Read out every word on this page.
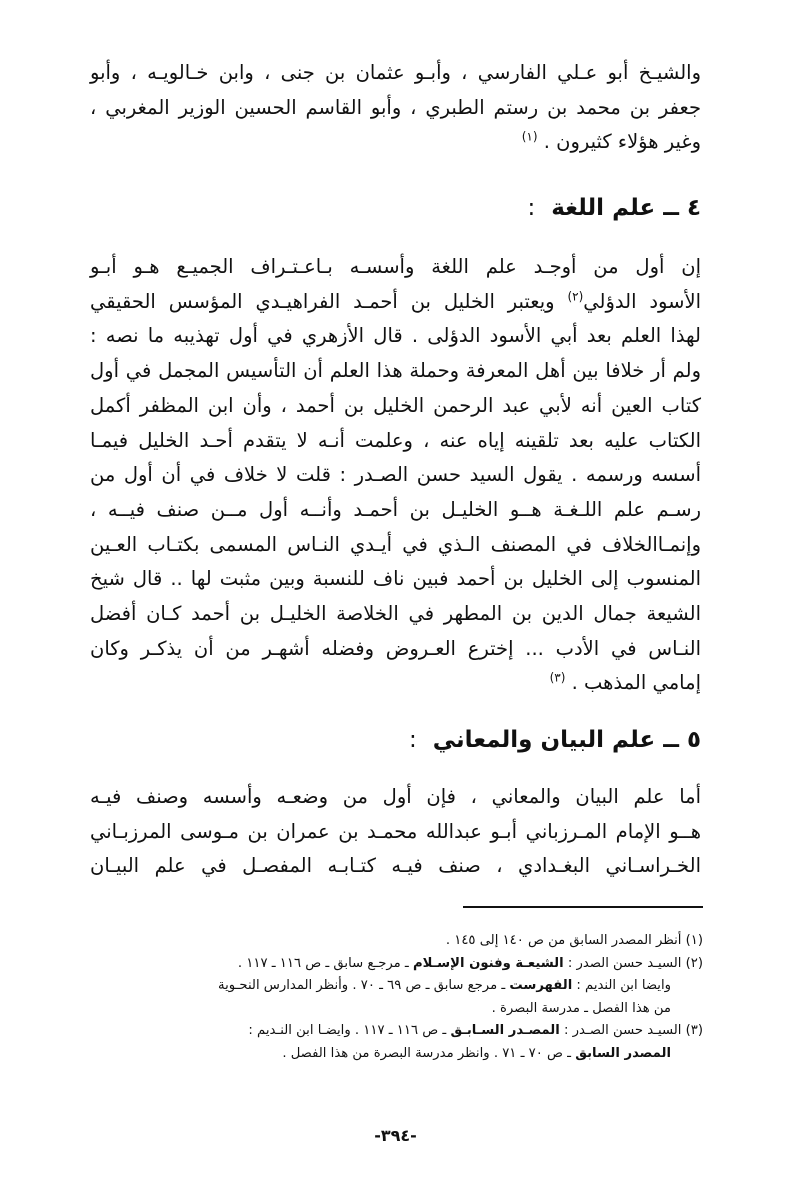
والشيـخ أبو عـلي الفارسي ، وأبـو عثمان بن جنى ، وابن خـالويـه ، وأبو
جعفر بن محمد بن رستم الطبري ، وأبو القاسم الحسين الوزير المغربي ،
وغير هؤلاء كثيرون . $^{(١)}$
٤ ــ علم اللغة :
إن أول من أوجـد علم اللغة وأسسـه بـاعـتـراف الجميـع هـو أبـو
الأسود الدؤلي$^{(٢)}$ ويعتبر الخليل بن أحمـد الفراهيـدي المؤسس الحقيقي
لهذا العلم بعد أبي الأسود الدؤلى . قال الأزهري في أول تهذيبه ما نصه :
ولم أر خلافا بين أهل المعرفة وحملة هذا العلم أن التأسيس المجمل في أول
كتاب العين أنه لأبي عبد الرحمن الخليل بن أحمد ، وأن ابن المظفر أكمل
الكتاب عليه بعد تلقينه إياه عنه ، وعلمت أنـه لا يتقدم أحـد الخليل فيمـا
أسسه ورسمه . يقول السيد حسن الصـدر : قلت لا خلاف في أن أول من
رسـم علم اللـغـة هــو الخليـل بن أحمـد وأنــه أول مــن صنف فيــه ،
وإنمـاالخلاف في المصنف الـذي في أيـدي النـاس المسمى بكتـاب العـين
المنسوب إلى الخليل بن أحمد فبين ناف للنسبة وبين مثبت لها .. قال شيخ
الشيعة جمال الدين بن المطهر في الخلاصة الخليـل بن أحمد كـان أفضل
النـاس في الأدب ... إخترع العـروض وفضله أشهـر من أن يذكـر وكان
إمامي المذهب . $^{(٣)}$
٥ ــ علم البيان والمعاني :
أما علم البيان والمعاني ، فإن أول من وضعـه وأسسه وصنف فيـه
هــو الإمام المـرزباني أبـو عبدالله محمـد بن عمران بن مـوسى المرزبـاني
الخـراسـاني البغـدادي ، صنف فيـه كتـابـه المفصـل في علم البيـان
(١) أنظر المصدر السابق من ص ١٤٠ إلى ١٤٥ .
(٢) السيـد حسن الصدر : الشيعـة وفنون الإسـلام ـ مرجـع سابق ـ ص ١١٦ ـ ١١٧ .
وايضا ابن النديم : الفهرست ـ مرجع سابق ـ ص ٦٩ ـ ٧٠ . وأنظر المدارس النحـوية
من هذا الفصل ـ مدرسة البصرة .
(٣) السيـد حسن الصـدر : المصـدر السـابـق ـ ص ١١٦ ـ ١١٧ . وايضـا ابن النـديم :
المصدر السابق ـ ص ٧٠ ـ ٧١ . وانظر مدرسة البصرة من هذا الفصل .
-٣٩٤-
